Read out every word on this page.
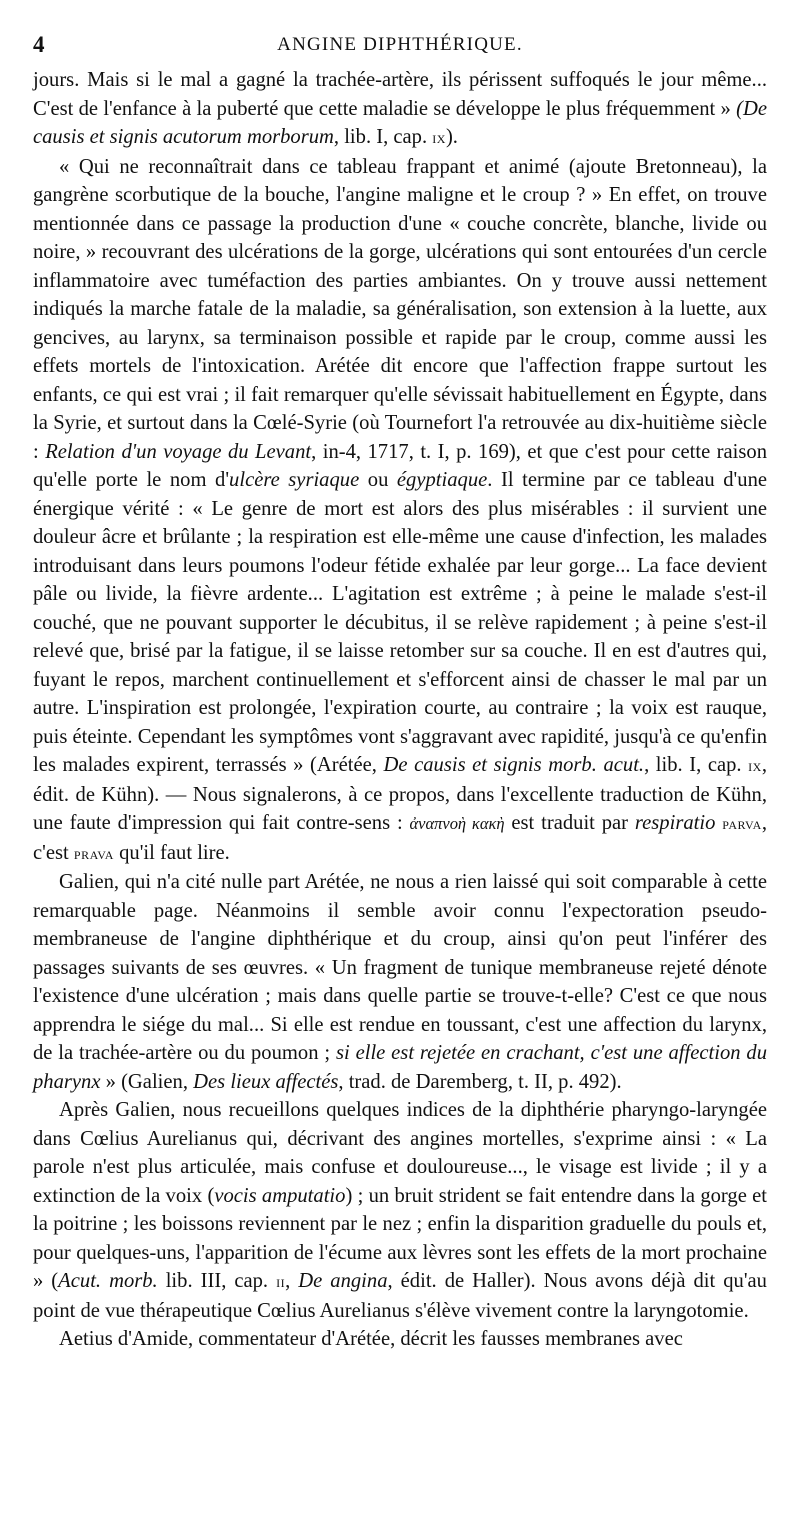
4	ANGINE DIPHTHÉRIQUE.

jours. Mais si le mal a gagné la trachée-artère, ils périssent suffoqués le jour même... C'est de l'enfance à la puberté que cette maladie se développe le plus fréquemment » (De causis et signis acutorum morborum, lib. I, cap. ix).

« Qui ne reconnaîtrait dans ce tableau frappant et animé (ajoute Bretonneau), la gangrène scorbutique de la bouche, l'angine maligne et le croup ? » En effet, on trouve mentionnée dans ce passage la production d'une « couche concrète, blanche, livide ou noire, » recouvrant des ulcérations de la gorge, ulcérations qui sont entourées d'un cercle inflammatoire avec tuméfaction des parties ambiantes. On y trouve aussi nettement indiqués la marche fatale de la maladie, sa généralisation, son extension à la luette, aux gencives, au larynx, sa terminaison possible et rapide par le croup, comme aussi les effets mortels de l'intoxication. Arétée dit encore que l'affection frappe surtout les enfants, ce qui est vrai ; il fait remarquer qu'elle sévissait habituellement en Égypte, dans la Syrie, et surtout dans la Cœlé-Syrie (où Tournefort l'a retrouvée au dix-huitième siècle : Relation d'un voyage du Levant, in-4, 1717, t. I, p. 169), et que c'est pour cette raison qu'elle porte le nom d'ulcère syriaque ou égyptiaque. Il termine par ce tableau d'une énergique vérité : « Le genre de mort est alors des plus misérables : il survient une douleur âcre et brûlante ; la respiration est elle-même une cause d'infection, les malades introduisant dans leurs poumons l'odeur fétide exhalée par leur gorge... La face devient pâle ou livide, la fièvre ardente... L'agitation est extrême ; à peine le malade s'est-il couché, que ne pouvant supporter le décubitus, il se relève rapidement ; à peine s'est-il relevé que, brisé par la fatigue, il se laisse retomber sur sa couche. Il en est d'autres qui, fuyant le repos, marchent continuellement et s'efforcent ainsi de chasser le mal par un autre. L'inspiration est prolongée, l'expiration courte, au contraire ; la voix est rauque, puis éteinte. Cependant les symptômes vont s'aggravant avec rapidité, jusqu'à ce qu'enfin les malades expirent, terrassés » (Arétée, De causis et signis morb. acut., lib. I, cap. ix, édit. de Kühn). — Nous signalerons, à ce propos, dans l'excellente traduction de Kühn, une faute d'impression qui fait contre-sens : ἀναπνοὴ κακὴ est traduit par respiratio parva, c'est prava qu'il faut lire.

Galien, qui n'a cité nulle part Arétée, ne nous a rien laissé qui soit comparable à cette remarquable page. Néanmoins il semble avoir connu l'expectoration pseudo-membraneuse de l'angine diphthérique et du croup, ainsi qu'on peut l'inférer des passages suivants de ses œuvres. « Un fragment de tunique membraneuse rejeté dénote l'existence d'une ulcération ; mais dans quelle partie se trouve-t-elle? C'est ce que nous apprendra le siége du mal... Si elle est rendue en toussant, c'est une affection du larynx, de la trachée-artère ou du poumon ; si elle est rejetée en crachant, c'est une affection du pharynx » (Galien, Des lieux affectés, trad. de Daremberg, t. II, p. 492).

Après Galien, nous recueillons quelques indices de la diphthérie pharyngo-laryngée dans Cœlius Aurelianus qui, décrivant des angines mortelles, s'exprime ainsi : « La parole n'est plus articulée, mais confuse et douloureuse..., le visage est livide ; il y a extinction de la voix (vocis amputatio) ; un bruit strident se fait entendre dans la gorge et la poitrine ; les boissons reviennent par le nez ; enfin la disparition graduelle du pouls et, pour quelques-uns, l'apparition de l'écume aux lèvres sont les effets de la mort prochaine » (Acut. morb. lib. III, cap. ii, De angina, édit. de Haller). Nous avons déjà dit qu'au point de vue thérapeutique Cœlius Aurelianus s'élève vivement contre la laryngotomie.

Aetius d'Amide, commentateur d'Arétée, décrit les fausses membranes avec
